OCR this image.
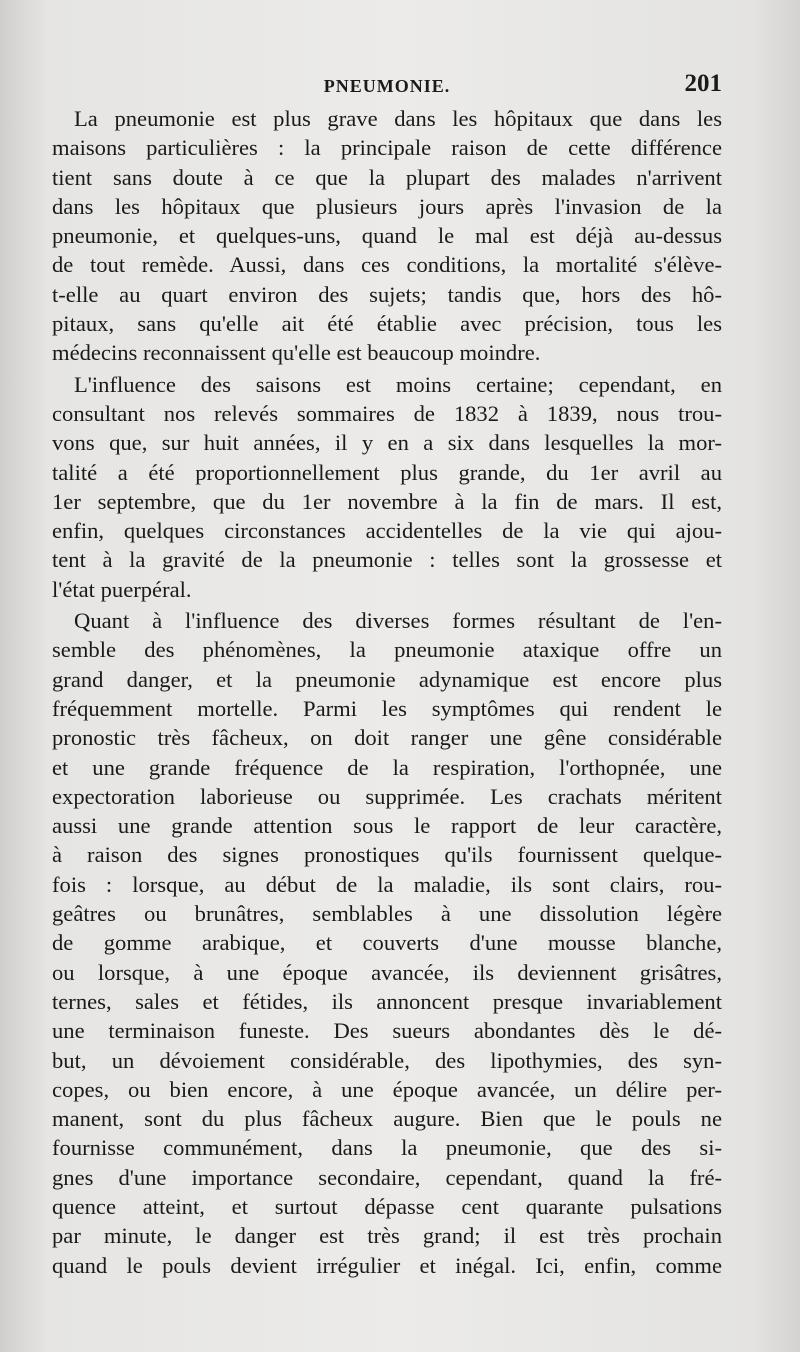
PNEUMONIE.	201
La pneumonie est plus grave dans les hôpitaux que dans les
maisons particulières : la principale raison de cette différence
tient sans doute à ce que la plupart des malades n'arrivent
dans les hôpitaux que plusieurs jours après l'invasion de la
pneumonie, et quelques-uns, quand le mal est déjà au-dessus
de tout remède. Aussi, dans ces conditions, la mortalité s'élève-
t-elle au quart environ des sujets; tandis que, hors des hô-
pitaux, sans qu'elle ait été établie avec précision, tous les
médecins reconnaissent qu'elle est beaucoup moindre.
L'influence des saisons est moins certaine; cependant, en
consultant nos relevés sommaires de 1832 à 1839, nous trou-
vons que, sur huit années, il y en a six dans lesquelles la mor-
talité a été proportionnellement plus grande, du 1er avril au
1er septembre, que du 1er novembre à la fin de mars. Il est,
enfin, quelques circonstances accidentelles de la vie qui ajou-
tent à la gravité de la pneumonie : telles sont la grossesse et
l'état puerpéral.
Quant à l'influence des diverses formes résultant de l'en-
semble des phénomènes, la pneumonie ataxique offre un
grand danger, et la pneumonie adynamique est encore plus
fréquemment mortelle. Parmi les symptômes qui rendent le
pronostic très fâcheux, on doit ranger une gêne considérable
et une grande fréquence de la respiration, l'orthopnée, une
expectoration laborieuse ou supprimée. Les crachats méritent
aussi une grande attention sous le rapport de leur caractère,
à raison des signes pronostiques qu'ils fournissent quelque-
fois : lorsque, au début de la maladie, ils sont clairs, rou-
geâtres ou brunâtres, semblables à une dissolution légère
de gomme arabique, et couverts d'une mousse blanche,
ou lorsque, à une époque avancée, ils deviennent grisâtres,
ternes, sales et fétides, ils annoncent presque invariablement
une terminaison funeste. Des sueurs abondantes dès le dé-
but, un dévoiement considérable, des lipothymies, des syn-
copes, ou bien encore, à une époque avancée, un délire per-
manent, sont du plus fâcheux augure. Bien que le pouls ne
fournisse communément, dans la pneumonie, que des si-
gnes d'une importance secondaire, cependant, quand la fré-
quence atteint, et surtout dépasse cent quarante pulsations
par minute, le danger est très grand; il est très prochain
quand le pouls devient irrégulier et inégal. Ici, enfin, comme
